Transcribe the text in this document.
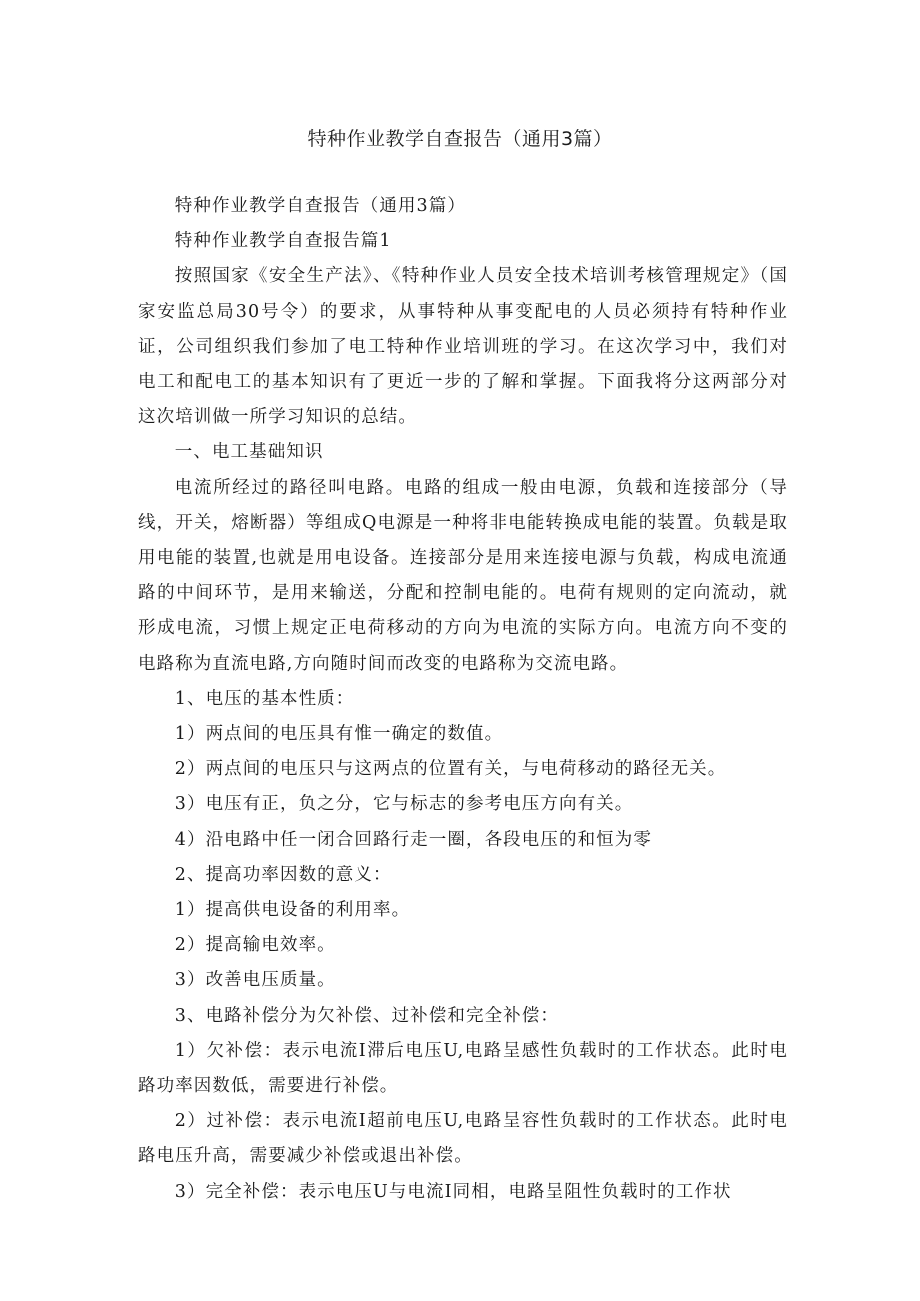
特种作业教学自查报告（通用3篇）

特种作业教学自查报告（通用3篇）

特种作业教学自查报告篇1

按照国家《安全生产法》、《特种作业人员安全技术培训考核管理规定》（国家安监总局30号令）的要求，从事特种从事变配电的人员必须持有特种作业证，公司组织我们参加了电工特种作业培训班的学习。在这次学习中，我们对电工和配电工的基本知识有了更近一步的了解和掌握。下面我将分这两部分对这次培训做一所学习知识的总结。

一、电工基础知识

电流所经过的路径叫电路。电路的组成一般由电源，负载和连接部分（导线，开关，熔断器）等组成Q电源是一种将非电能转换成电能的装置。负载是取用电能的装置,也就是用电设备。连接部分是用来连接电源与负载，构成电流通路的中间环节，是用来输送，分配和控制电能的。电荷有规则的定向流动，就形成电流，习惯上规定正电荷移动的方向为电流的实际方向。电流方向不变的电路称为直流电路,方向随时间而改变的电路称为交流电路。

1、电压的基本性质：

1）两点间的电压具有惟一确定的数值。

2）两点间的电压只与这两点的位置有关，与电荷移动的路径无关。

3）电压有正，负之分，它与标志的参考电压方向有关。

4）沿电路中任一闭合回路行走一圈，各段电压的和恒为零

2、提高功率因数的意义：

1）提高供电设备的利用率。

2）提高输电效率。

3）改善电压质量。

3、电路补偿分为欠补偿、过补偿和完全补偿：

1）欠补偿：表示电流I滞后电压U,电路呈感性负载时的工作状态。此时电路功率因数低，需要进行补偿。

2）过补偿：表示电流I超前电压U,电路呈容性负载时的工作状态。此时电路电压升高，需要减少补偿或退出补偿。

3）完全补偿：表示电压U与电流I同相，电路呈阻性负载时的工作状
